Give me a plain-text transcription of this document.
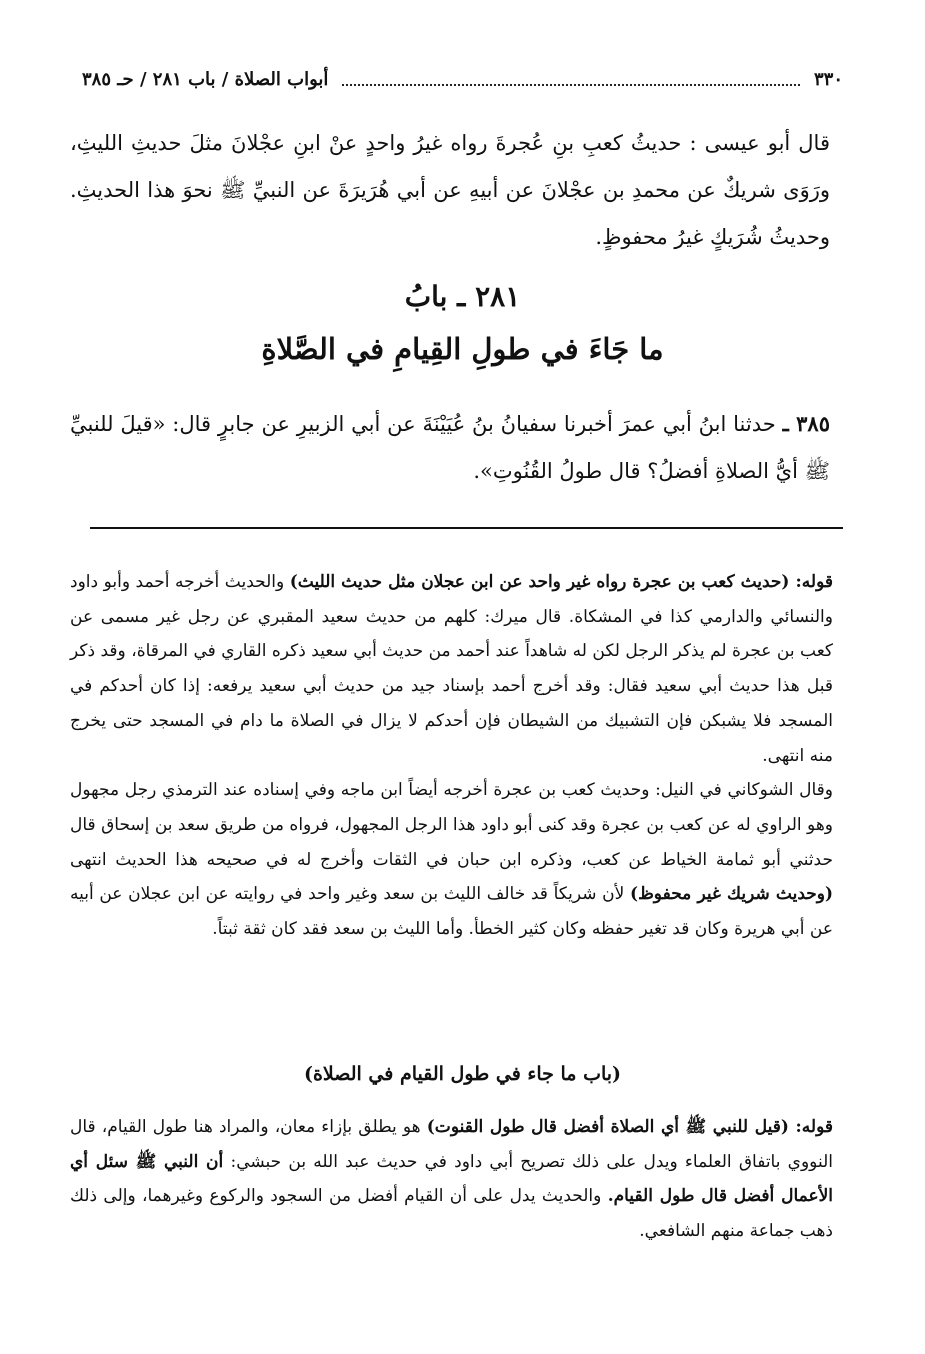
٣٣٠
أبواب الصلاة / باب ٢٨١ / حـ ٣٨٥
قال أبو عيسى : حديثُ كعبِ بنِ عُجرةَ رواه غيرُ واحدٍ عنْ ابنِ عجْلانَ مثلَ حديثِ الليثِ، ورَوَى شريكٌ عن محمدِ بن عجْلانَ عن أبيهِ عن أبي هُرَيرَةَ عن النبيِّ ﷺ نحوَ هذا الحديثِ. وحديثُ شُرَيكٍ غيرُ محفوظٍ.
٢٨١ ـ بابُ
ما جَاءَ في طولِ القِيامِ في الصَّلاةِ
٣٨٥ ـ حدثنا ابنُ أبي عمرَ أخبرنا سفيانُ بنُ عُيَيْنَةَ عن أبي الزبيرِ عن جابرٍ قال: «قيلَ للنبيِّ ﷺ أيُّ الصلاةِ أفضلُ؟ قال طولُ القُنُوتِ».
قوله: (حديث كعب بن عجرة رواه غير واحد عن ابن عجلان مثل حديث الليث) والحديث أخرجه أحمد وأبو داود والنسائي والدارمي كذا في المشكاة. قال ميرك: كلهم من حديث سعيد المقبري عن رجل غير مسمى عن كعب بن عجرة لم يذكر الرجل لكن له شاهداً عند أحمد من حديث أبي سعيد ذكره القاري في المرقاة، وقد ذكر قبل هذا حديث أبي سعيد فقال: وقد أخرج أحمد بإسناد جيد من حديث أبي سعيد يرفعه: إذا كان أحدكم في المسجد فلا يشبكن فإن التشبيك من الشيطان فإن أحدكم لا يزال في الصلاة ما دام في المسجد حتى يخرج منه انتهى.
وقال الشوكاني في النيل: وحديث كعب بن عجرة أخرجه أيضاً ابن ماجه وفي إسناده عند الترمذي رجل مجهول وهو الراوي له عن كعب بن عجرة وقد كنى أبو داود هذا الرجل المجهول، فرواه من طريق سعد بن إسحاق قال حدثني أبو ثمامة الخياط عن كعب، وذكره ابن حبان في الثقات وأخرج له في صحيحه هذا الحديث انتهى (وحديث شريك غير محفوظ) لأن شريكاً قد خالف الليث بن سعد وغير واحد في روايته عن ابن عجلان عن أبيه عن أبي هريرة وكان قد تغير حفظه وكان كثير الخطأ. وأما الليث بن سعد فقد كان ثقة ثبتاً.
(باب ما جاء في طول القيام في الصلاة)
قوله: (قيل للنبي ﷺ أي الصلاة أفضل قال طول القنوت) هو يطلق بإزاء معان، والمراد هنا طول القيام، قال النووي باتفاق العلماء ويدل على ذلك تصريح أبي داود في حديث عبد الله بن حبشي: أن النبي ﷺ سئل أي الأعمال أفضل قال طول القيام. والحديث يدل على أن القيام أفضل من السجود والركوع وغيرهما، وإلى ذلك ذهب جماعة منهم الشافعي.
